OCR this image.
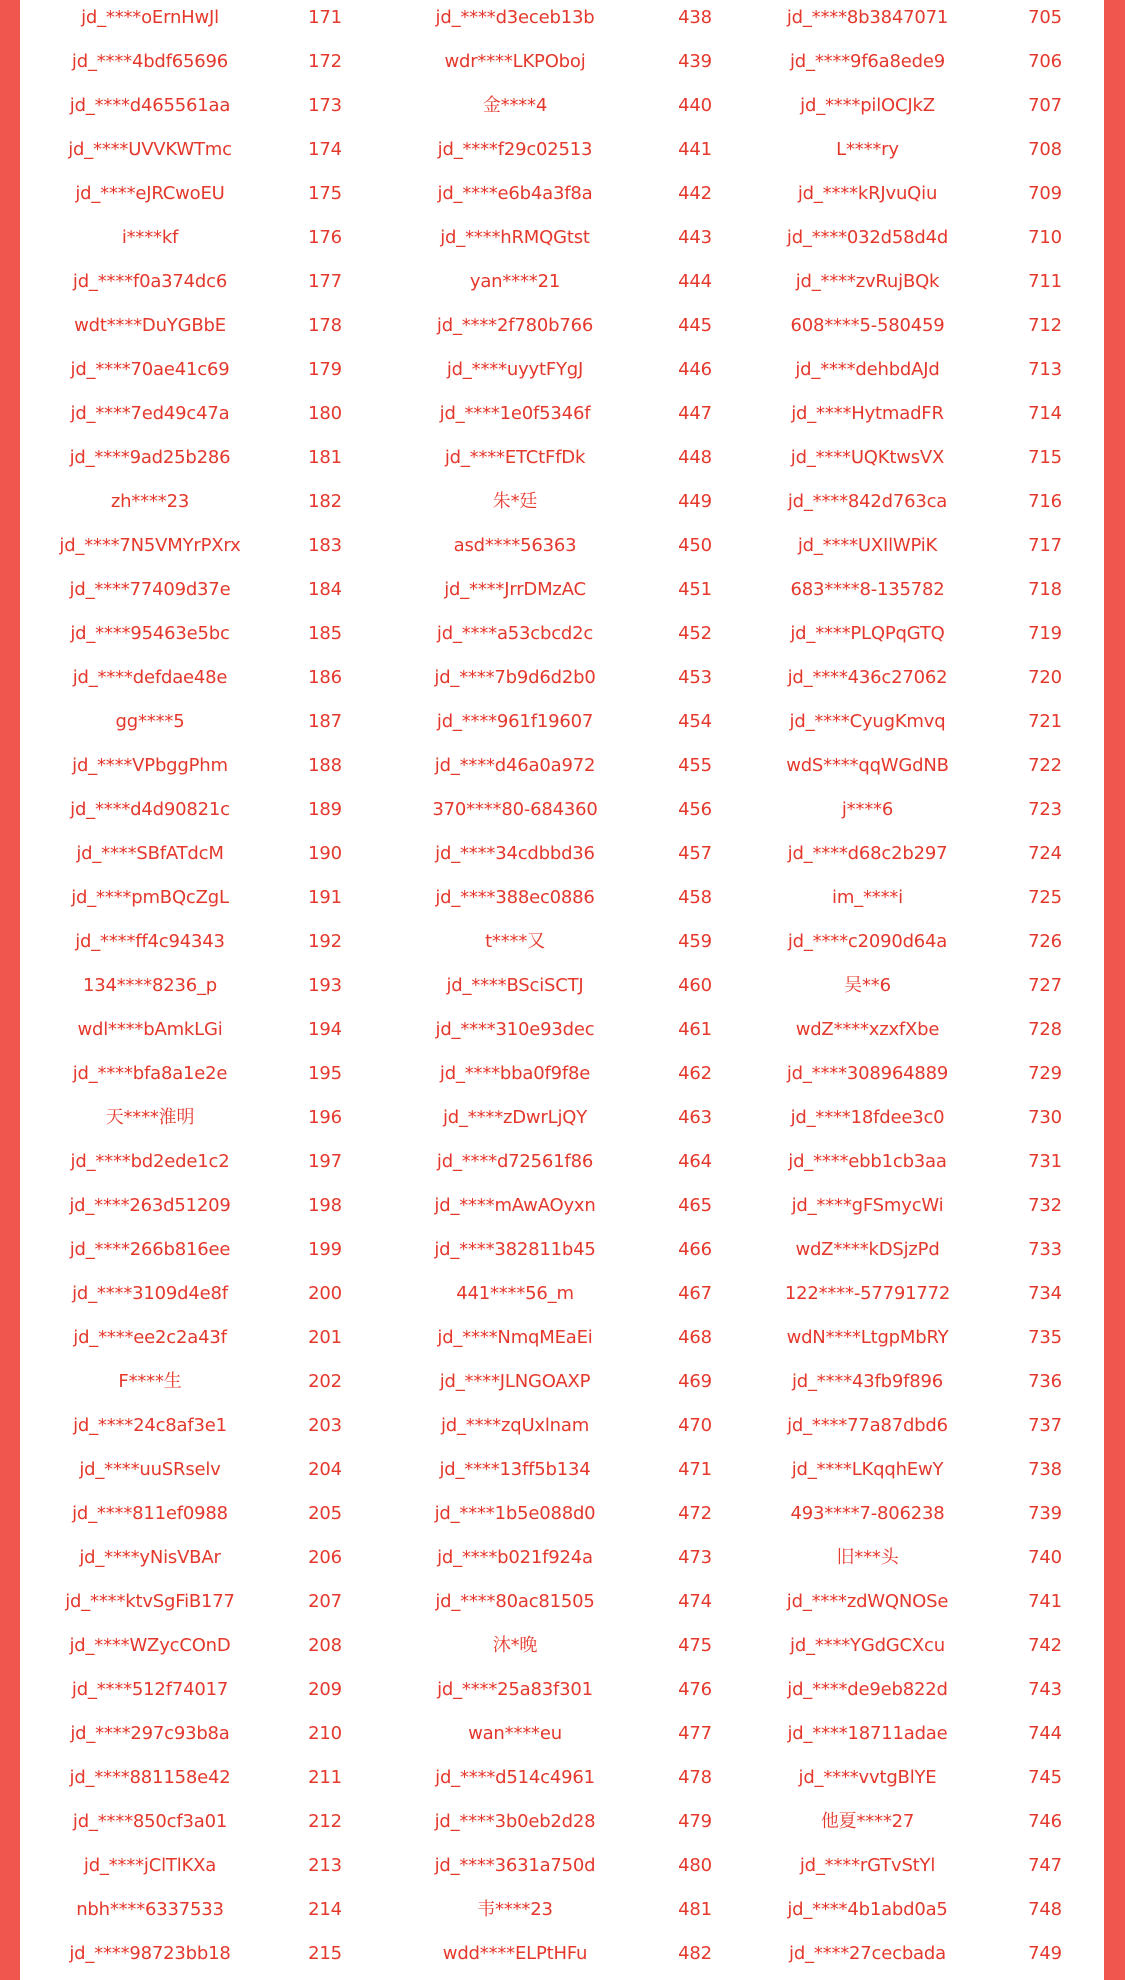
jd_****oErnHwJl	171	jd_****d3eceb13b	438	jd_****8b3847071	705
jd_****4bdf65696	172	wdr****LKPOboj	439	jd_****9f6a8ede9	706
jd_****d465561aa	173	金****4	440	jd_****pilOCJkZ	707
jd_****UVVKWTmc	174	jd_****f29c02513	441	L****ry	708
jd_****eJRCwoEU	175	jd_****e6b4a3f8a	442	jd_****kRJvuQiu	709
i****kf	176	jd_****hRMQGtst	443	jd_****032d58d4d	710
jd_****f0a374dc6	177	yan****21	444	jd_****zvRujBQk	711
wdt****DuYGBbE	178	jd_****2f780b766	445	608****5-580459	712
jd_****70ae41c69	179	jd_****uyytFYgJ	446	jd_****dehbdAJd	713
jd_****7ed49c47a	180	jd_****1e0f5346f	447	jd_****HytmadFR	714
jd_****9ad25b286	181	jd_****ETCtFfDk	448	jd_****UQKtwsVX	715
zh****23	182	朱*廷	449	jd_****842d763ca	716
jd_****7N5VMYrPXrx	183	asd****56363	450	jd_****UXIlWPiK	717
jd_****77409d37e	184	jd_****JrrDMzAC	451	683****8-135782	718
jd_****95463e5bc	185	jd_****a53cbcd2c	452	jd_****PLQPqGTQ	719
jd_****defdae48e	186	jd_****7b9d6d2b0	453	jd_****436c27062	720
gg****5	187	jd_****961f19607	454	jd_****CyugKmvq	721
jd_****VPbggPhm	188	jd_****d46a0a972	455	wdS****qqWGdNB	722
jd_****d4d90821c	189	370****80-684360	456	j****6	723
jd_****SBfATdcM	190	jd_****34cdbbd36	457	jd_****d68c2b297	724
jd_****pmBQcZgL	191	jd_****388ec0886	458	im_****i	725
jd_****ff4c94343	192	t****又	459	jd_****c2090d64a	726
134****8236_p	193	jd_****BSciSCTJ	460	吴**6	727
wdl****bAmkLGi	194	jd_****310e93dec	461	wdZ****xzxfXbe	728
jd_****bfa8a1e2e	195	jd_****bba0f9f8e	462	jd_****308964889	729
天****淮明	196	jd_****zDwrLjQY	463	jd_****18fdee3c0	730
jd_****bd2ede1c2	197	jd_****d72561f86	464	jd_****ebb1cb3aa	731
jd_****263d51209	198	jd_****mAwAOyxn	465	jd_****gFSmycWi	732
jd_****266b816ee	199	jd_****382811b45	466	wdZ****kDSjzPd	733
jd_****3109d4e8f	200	441****56_m	467	122****-57791772	734
jd_****ee2c2a43f	201	jd_****NmqMEaEi	468	wdN****LtgpMbRY	735
F****生	202	jd_****JLNGOAXP	469	jd_****43fb9f896	736
jd_****24c8af3e1	203	jd_****zqUxlnam	470	jd_****77a87dbd6	737
jd_****uuSRselv	204	jd_****13ff5b134	471	jd_****LKqqhEwY	738
jd_****811ef0988	205	jd_****1b5e088d0	472	493****7-806238	739
jd_****yNisVBAr	206	jd_****b021f924a	473	旧***头	740
jd_****ktvSgFiB177	207	jd_****80ac81505	474	jd_****zdWQNOSe	741
jd_****WZycCOnD	208	沐*晚	475	jd_****YGdGCXcu	742
jd_****512f74017	209	jd_****25a83f301	476	jd_****de9eb822d	743
jd_****297c93b8a	210	wan****eu	477	jd_****18711adae	744
jd_****881158e42	211	jd_****d514c4961	478	jd_****vvtgBlYE	745
jd_****850cf3a01	212	jd_****3b0eb2d28	479	他夏****27	746
jd_****jClTlKXa	213	jd_****3631a750d	480	jd_****rGTvStYl	747
nbh****6337533	214	韦****23	481	jd_****4b1abd0a5	748
jd_****98723bb18	215	wdd****ELPtHFu	482	jd_****27cecbada	749
